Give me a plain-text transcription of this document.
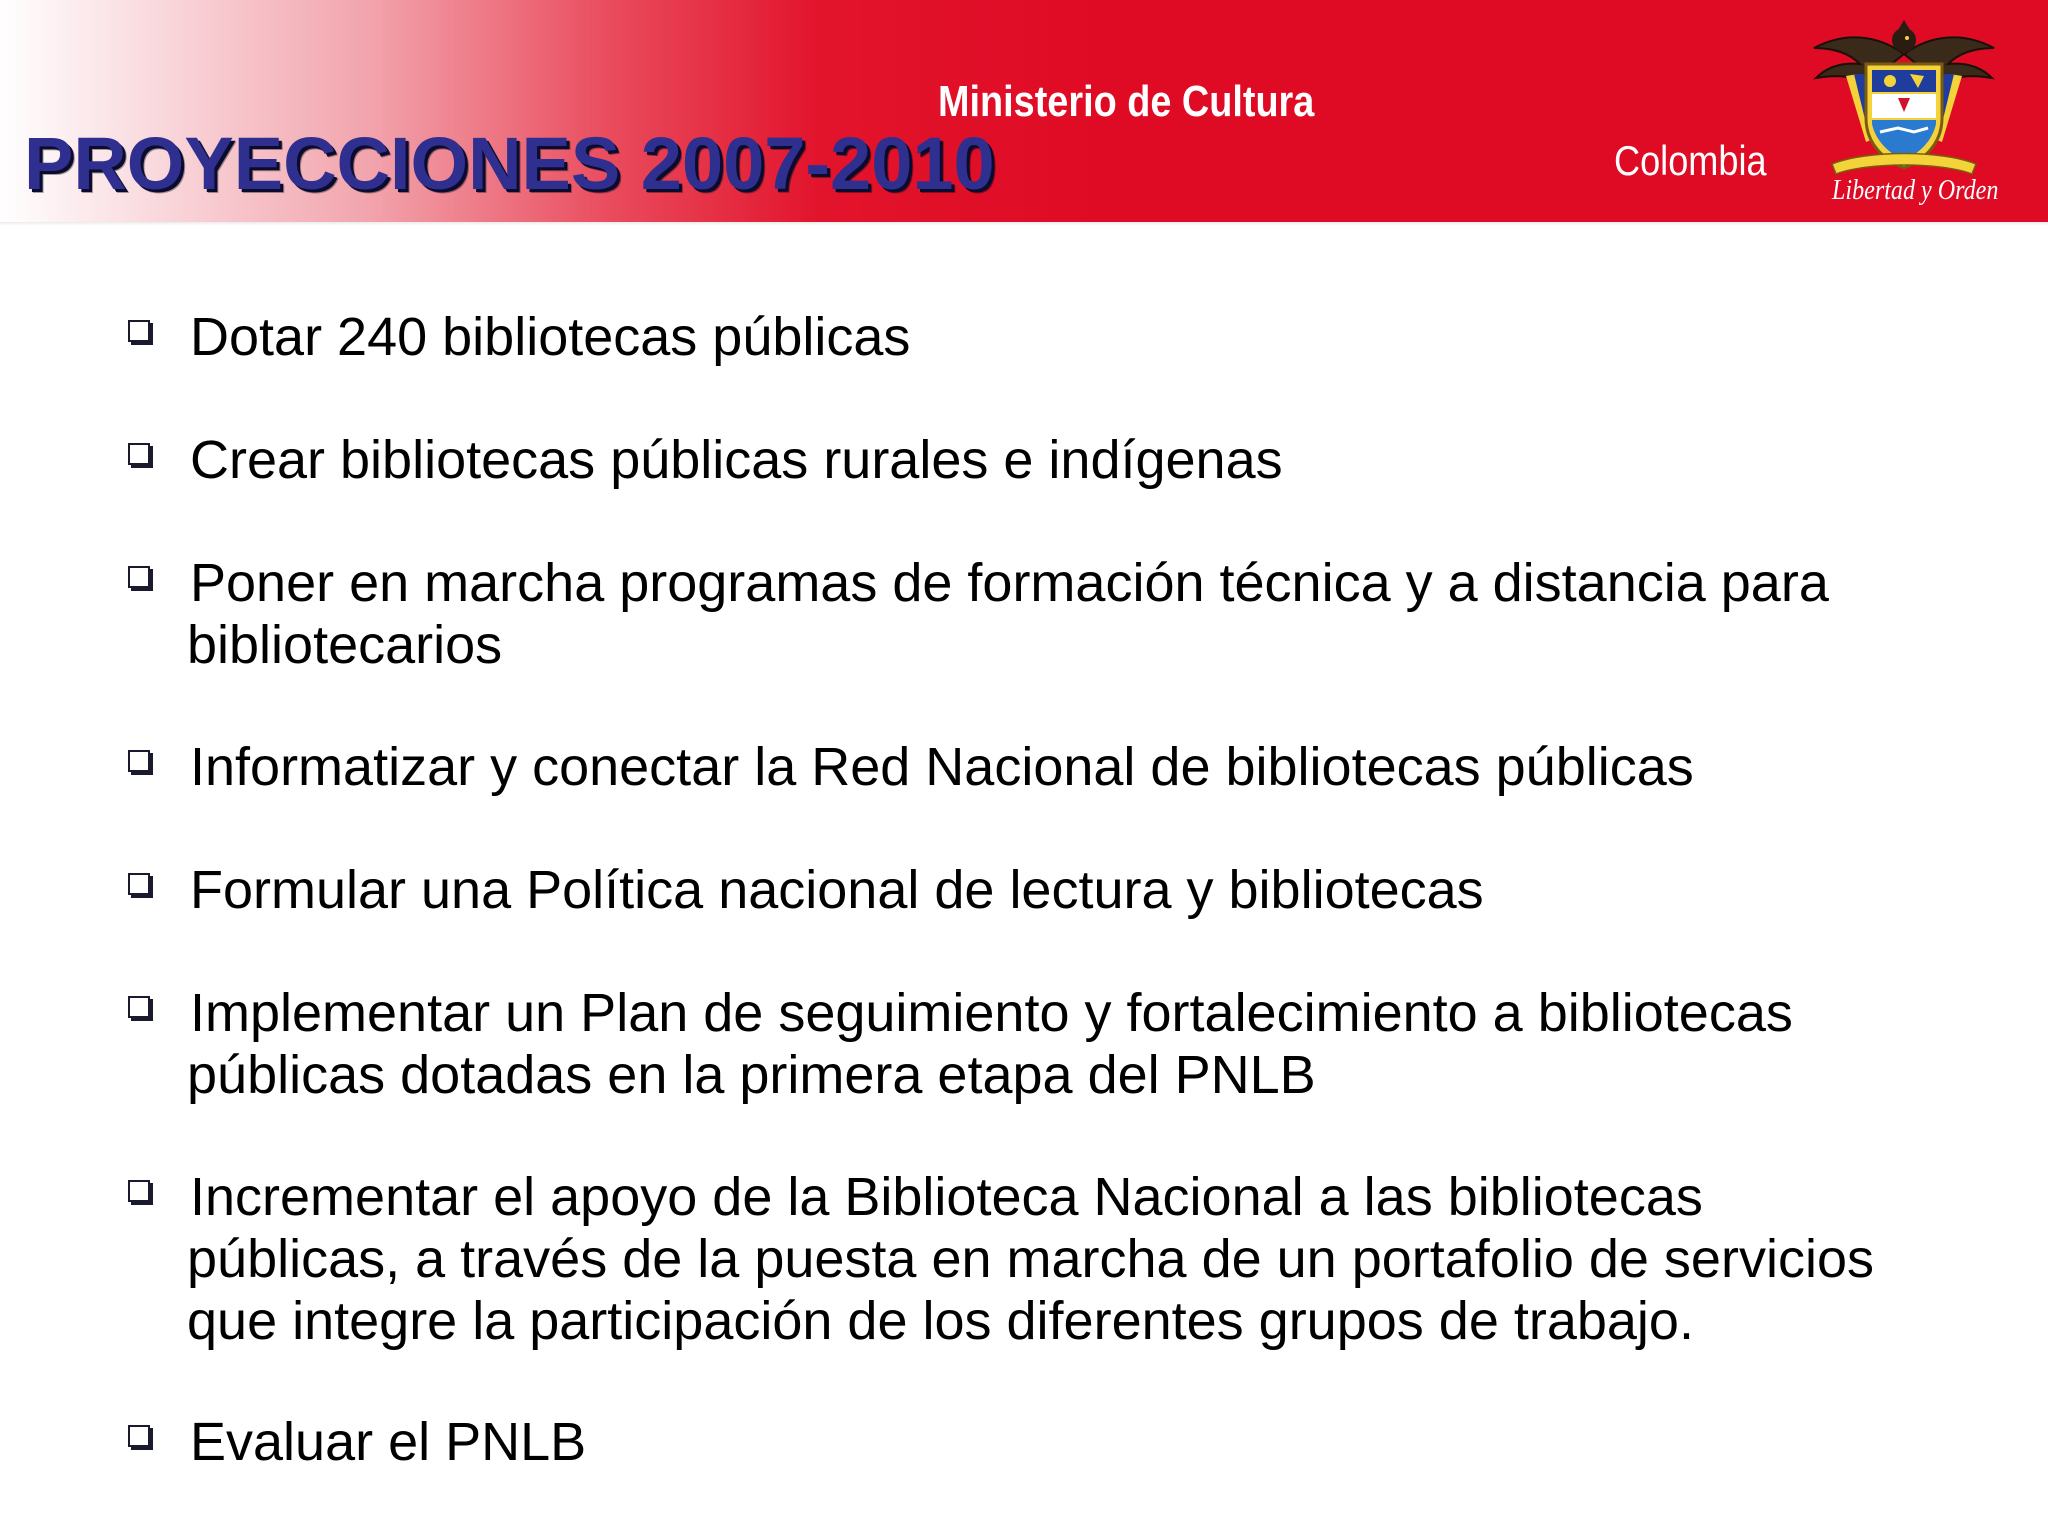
PROYECCIONES 2007-2010
Ministerio de Cultura
Colombia
Libertad y Orden
Dotar 240 bibliotecas públicas
Crear bibliotecas públicas rurales e indígenas
Poner en marcha programas de formación técnica y a distancia para
bibliotecarios
Informatizar y conectar la Red Nacional de bibliotecas públicas
Formular una Política nacional de lectura y bibliotecas
Implementar un Plan de seguimiento y fortalecimiento a bibliotecas
públicas dotadas en la primera etapa del PNLB
Incrementar el apoyo de la Biblioteca Nacional a las bibliotecas
públicas, a través de la puesta en marcha de un portafolio de servicios
que integre la participación de los diferentes grupos de trabajo.
Evaluar el PNLB
